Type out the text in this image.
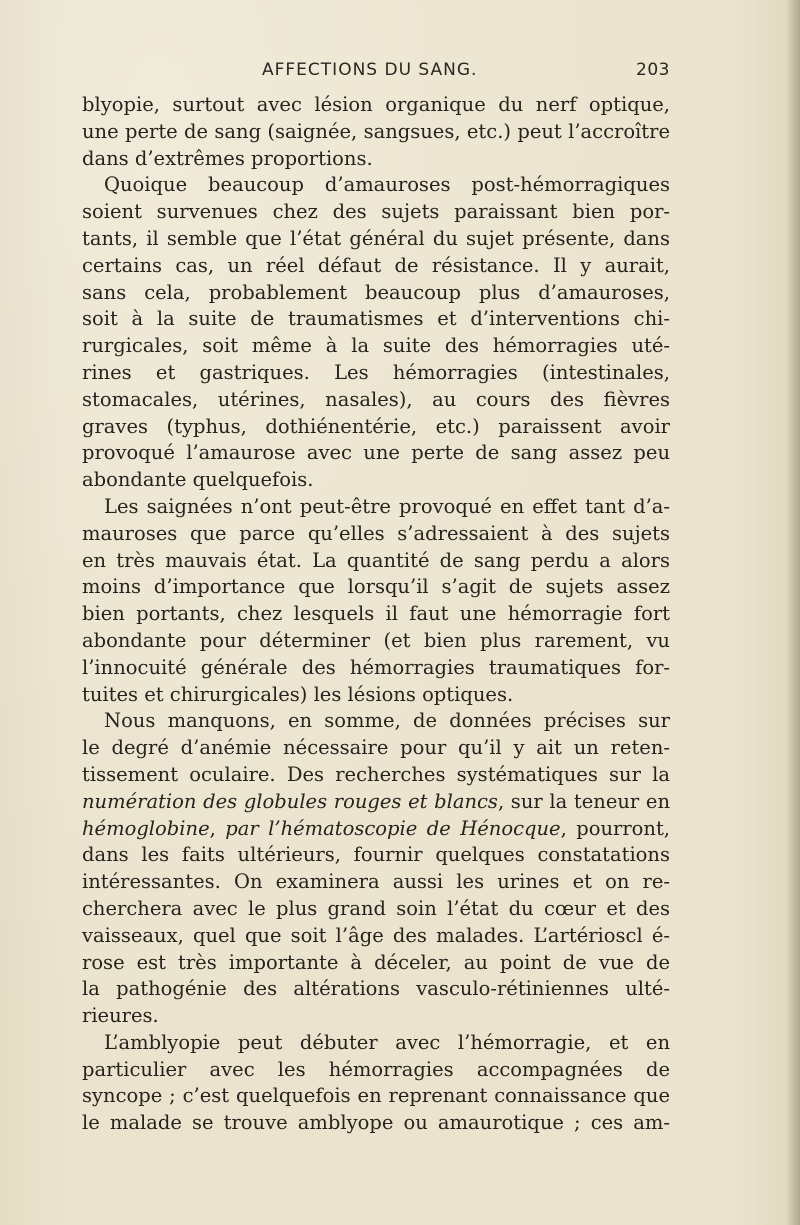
AFFECTIONS DU SANG.	203
blyopie, surtout avec lésion organique du nerf optique,
une perte de sang (saignée, sangsues, etc.) peut l’accroître
dans d’extrêmes proportions.
Quoique beaucoup d’amauroses post-hémorragiques
soient survenues chez des sujets paraissant bien por-
tants, il semble que l’état général du sujet présente, dans
certains cas, un réel défaut de résistance. Il y aurait,
sans cela, probablement beaucoup plus d’amauroses,
soit à la suite de traumatismes et d’interventions chi-
rurgicales, soit même à la suite des hémorragies uté-
rines et gastriques. Les hémorragies (intestinales,
stomacales, utérines, nasales), au cours des fièvres
graves (typhus, dothiénentérie, etc.) paraissent avoir
provoqué l’amaurose avec une perte de sang assez peu
abondante quelquefois.
Les saignées n’ont peut-être provoqué en effet tant d’a-
mauroses que parce qu’elles s’adressaient à des sujets
en très mauvais état. La quantité de sang perdu a alors
moins d’importance que lorsqu’il s’agit de sujets assez
bien portants, chez lesquels il faut une hémorragie fort
abondante pour déterminer (et bien plus rarement, vu
l’innocuité générale des hémorragies traumatiques for-
tuites et chirurgicales) les lésions optiques.
Nous manquons, en somme, de données précises sur
le degré d’anémie nécessaire pour qu’il y ait un reten-
tissement oculaire. Des recherches systématiques sur la
numération des globules rouges et blancs, sur la teneur en
hémoglobine, par l’hématoscopie de Hénocque, pourront,
dans les faits ultérieurs, fournir quelques constatations
intéressantes. On examinera aussi les urines et on re-
cherchera avec le plus grand soin l’état du cœur et des
vaisseaux, quel que soit l’âge des malades. L’artérioscl é-
rose est très importante à déceler, au point de vue de
la pathogénie des altérations vasculo-rétiniennes ulté-
rieures.
L’amblyopie peut débuter avec l’hémorragie, et en
particulier avec les hémorragies accompagnées de
syncope ; c’est quelquefois en reprenant connaissance que
le malade se trouve amblyope ou amaurotique ; ces am-
